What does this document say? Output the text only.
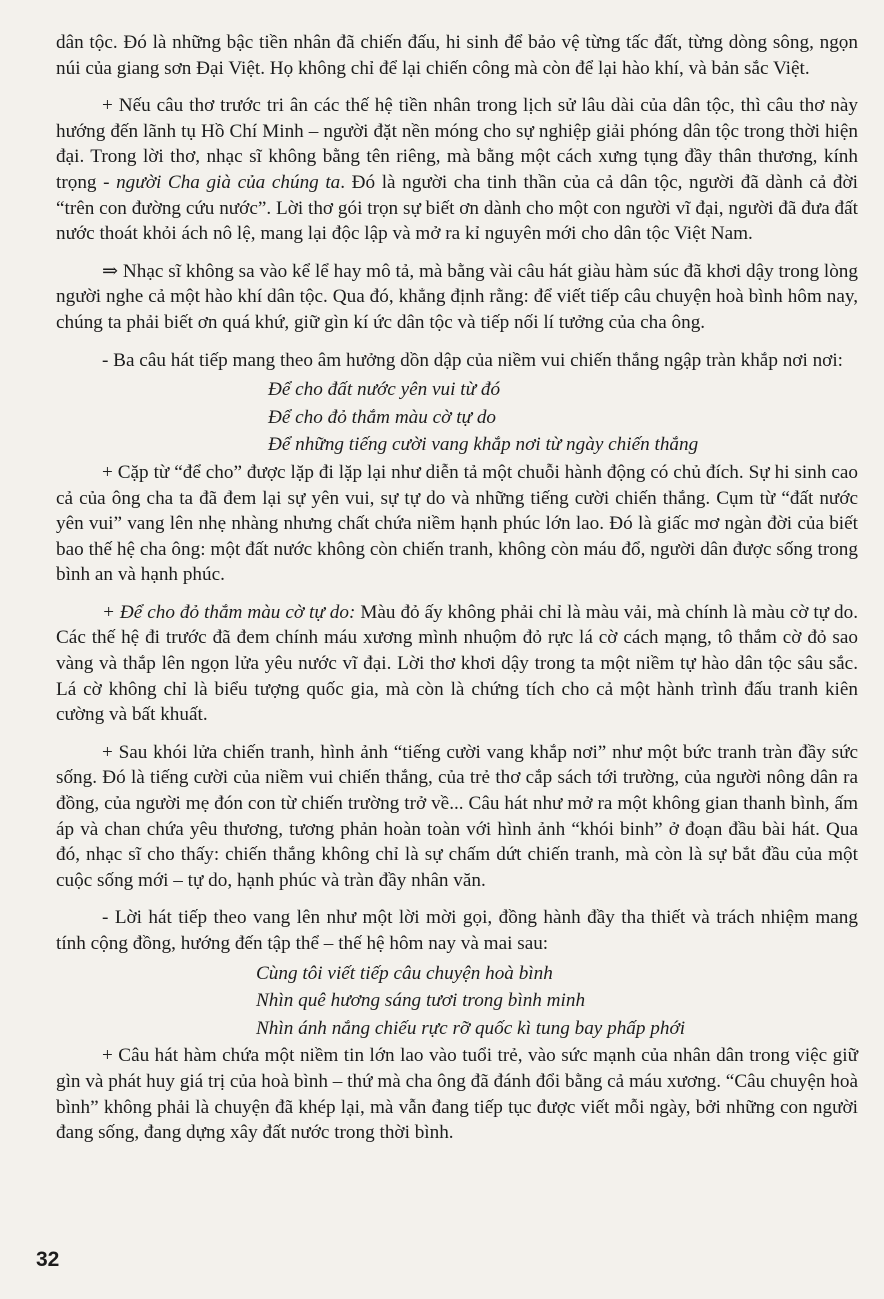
dân tộc. Đó là những bậc tiền nhân đã chiến đấu, hi sinh để bảo vệ từng tấc đất, từng dòng sông, ngọn núi của giang sơn Đại Việt. Họ không chỉ để lại chiến công mà còn để lại hào khí, và bản sắc Việt.

+ Nếu câu thơ trước tri ân các thế hệ tiền nhân trong lịch sử lâu dài của dân tộc, thì câu thơ này hướng đến lãnh tụ Hồ Chí Minh – người đặt nền móng cho sự nghiệp giải phóng dân tộc trong thời hiện đại. Trong lời thơ, nhạc sĩ không bằng tên riêng, mà bằng một cách xưng tụng đầy thân thương, kính trọng - người Cha già của chúng ta. Đó là người cha tinh thần của cả dân tộc, người đã dành cả đời “trên con đường cứu nước”. Lời thơ gói trọn sự biết ơn dành cho một con người vĩ đại, người đã đưa đất nước thoát khỏi ách nô lệ, mang lại độc lập và mở ra kỉ nguyên mới cho dân tộc Việt Nam.

⇒ Nhạc sĩ không sa vào kể lể hay mô tả, mà bằng vài câu hát giàu hàm súc đã khơi dậy trong lòng người nghe cả một hào khí dân tộc. Qua đó, khẳng định rằng: để viết tiếp câu chuyện hoà bình hôm nay, chúng ta phải biết ơn quá khứ, giữ gìn kí ức dân tộc và tiếp nối lí tưởng của cha ông.

- Ba câu hát tiếp mang theo âm hưởng dồn dập của niềm vui chiến thắng ngập tràn khắp nơi nơi:

Để cho đất nước yên vui từ đó
Để cho đỏ thắm màu cờ tự do
Để những tiếng cười vang khắp nơi từ ngày chiến thắng

+ Cặp từ “để cho” được lặp đi lặp lại như diễn tả một chuỗi hành động có chủ đích. Sự hi sinh cao cả của ông cha ta đã đem lại sự yên vui, sự tự do và những tiếng cười chiến thắng. Cụm từ “đất nước yên vui” vang lên nhẹ nhàng nhưng chất chứa niềm hạnh phúc lớn lao. Đó là giấc mơ ngàn đời của biết bao thế hệ cha ông: một đất nước không còn chiến tranh, không còn máu đổ, người dân được sống trong bình an và hạnh phúc.

+ Để cho đỏ thắm màu cờ tự do: Màu đỏ ấy không phải chỉ là màu vải, mà chính là màu cờ tự do. Các thế hệ đi trước đã đem chính máu xương mình nhuộm đỏ rực lá cờ cách mạng, tô thắm cờ đỏ sao vàng và thắp lên ngọn lửa yêu nước vĩ đại. Lời thơ khơi dậy trong ta một niềm tự hào dân tộc sâu sắc. Lá cờ không chỉ là biểu tượng quốc gia, mà còn là chứng tích cho cả một hành trình đấu tranh kiên cường và bất khuất.

+ Sau khói lửa chiến tranh, hình ảnh “tiếng cười vang khắp nơi” như một bức tranh tràn đầy sức sống. Đó là tiếng cười của niềm vui chiến thắng, của trẻ thơ cắp sách tới trường, của người nông dân ra đồng, của người mẹ đón con từ chiến trường trở về... Câu hát như mở ra một không gian thanh bình, ấm áp và chan chứa yêu thương, tương phản hoàn toàn với hình ảnh “khói binh” ở đoạn đầu bài hát. Qua đó, nhạc sĩ cho thấy: chiến thắng không chỉ là sự chấm dứt chiến tranh, mà còn là sự bắt đầu của một cuộc sống mới – tự do, hạnh phúc và tràn đầy nhân văn.

- Lời hát tiếp theo vang lên như một lời mời gọi, đồng hành đầy tha thiết và trách nhiệm mang tính cộng đồng, hướng đến tập thể – thế hệ hôm nay và mai sau:

Cùng tôi viết tiếp câu chuyện hoà bình
Nhìn quê hương sáng tươi trong bình minh
Nhìn ánh nắng chiếu rực rỡ quốc kì tung bay phấp phới

+ Câu hát hàm chứa một niềm tin lớn lao vào tuổi trẻ, vào sức mạnh của nhân dân trong việc giữ gìn và phát huy giá trị của hoà bình – thứ mà cha ông đã đánh đổi bằng cả máu xương. “Câu chuyện hoà bình” không phải là chuyện đã khép lại, mà vẫn đang tiếp tục được viết mỗi ngày, bởi những con người đang sống, đang dựng xây đất nước trong thời bình.

32
